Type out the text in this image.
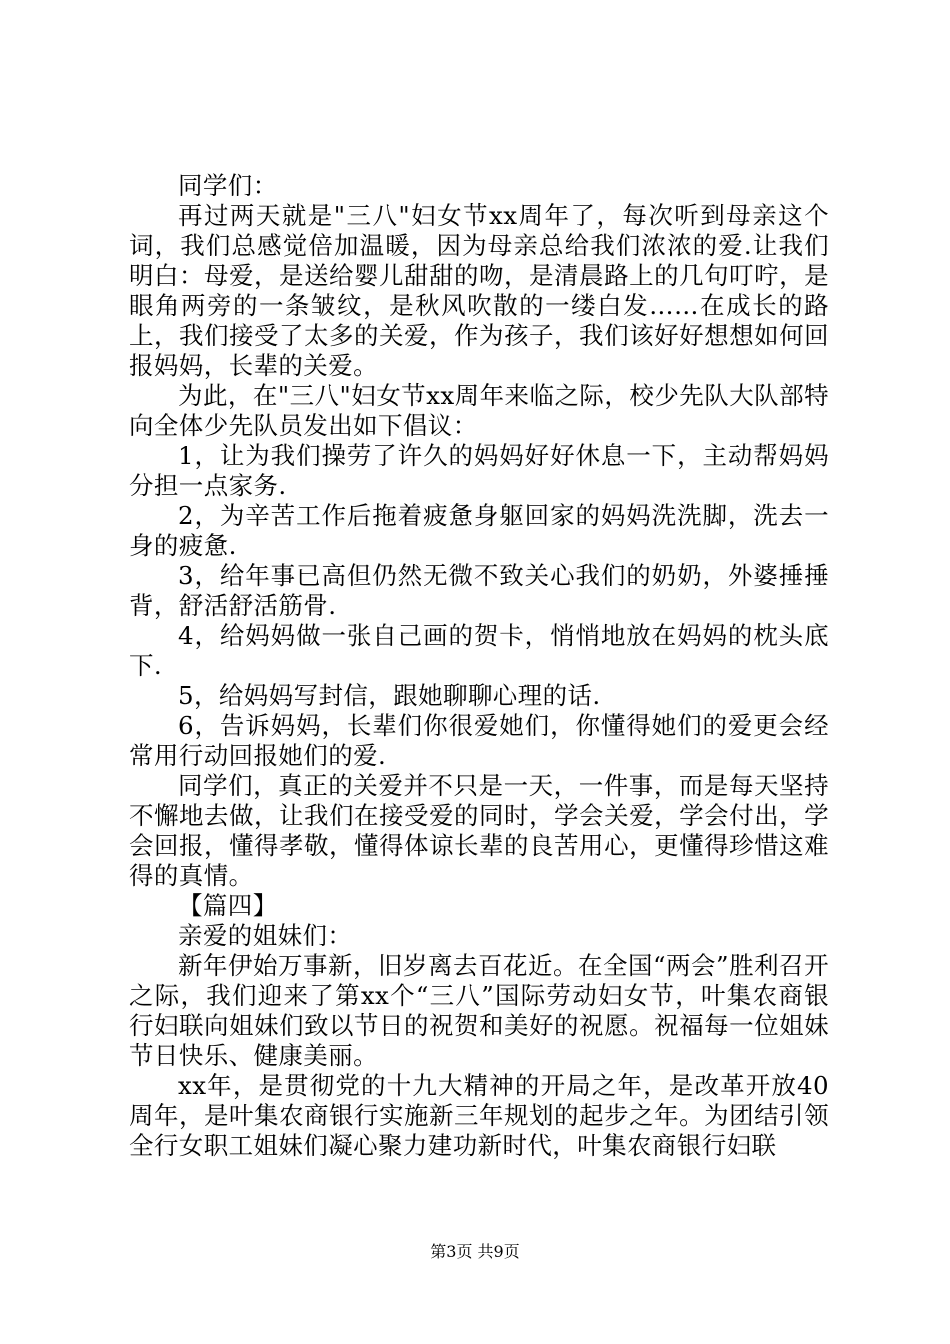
同学们：

再过两天就是"三八"妇女节xx周年了，每次听到母亲这个词，我们总感觉倍加温暖，因为母亲总给我们浓浓的爱.让我们明白：母爱，是送给婴儿甜甜的吻，是清晨路上的几句叮咛，是眼角两旁的一条皱纹，是秋风吹散的一缕白发……在成长的路上，我们接受了太多的关爱，作为孩子，我们该好好想想如何回报妈妈，长辈的关爱。

为此，在"三八"妇女节xx周年来临之际，校少先队大队部特向全体少先队员发出如下倡议：

1，让为我们操劳了许久的妈妈好好休息一下，主动帮妈妈分担一点家务.

2，为辛苦工作后拖着疲惫身躯回家的妈妈洗洗脚，洗去一身的疲惫.

3，给年事已高但仍然无微不致关心我们的奶奶，外婆捶捶背，舒活舒活筋骨.

4，给妈妈做一张自己画的贺卡，悄悄地放在妈妈的枕头底下.

5，给妈妈写封信，跟她聊聊心理的话.

6，告诉妈妈，长辈们你很爱她们，你懂得她们的爱更会经常用行动回报她们的爱.

同学们，真正的关爱并不只是一天，一件事，而是每天坚持不懈地去做，让我们在接受爱的同时，学会关爱，学会付出，学会回报，懂得孝敬，懂得体谅长辈的良苦用心，更懂得珍惜这难得的真情。

【篇四】

亲爱的姐妹们：

新年伊始万事新，旧岁离去百花近。在全国“两会”胜利召开之际，我们迎来了第xx个“三八”国际劳动妇女节，叶集农商银行妇联向姐妹们致以节日的祝贺和美好的祝愿。祝福每一位姐妹节日快乐、健康美丽。

xx年，是贯彻党的十九大精神的开局之年，是改革开放40周年，是叶集农商银行实施新三年规划的起步之年。为团结引领全行女职工姐妹们凝心聚力建功新时代，叶集农商银行妇联

第3页 共9页
